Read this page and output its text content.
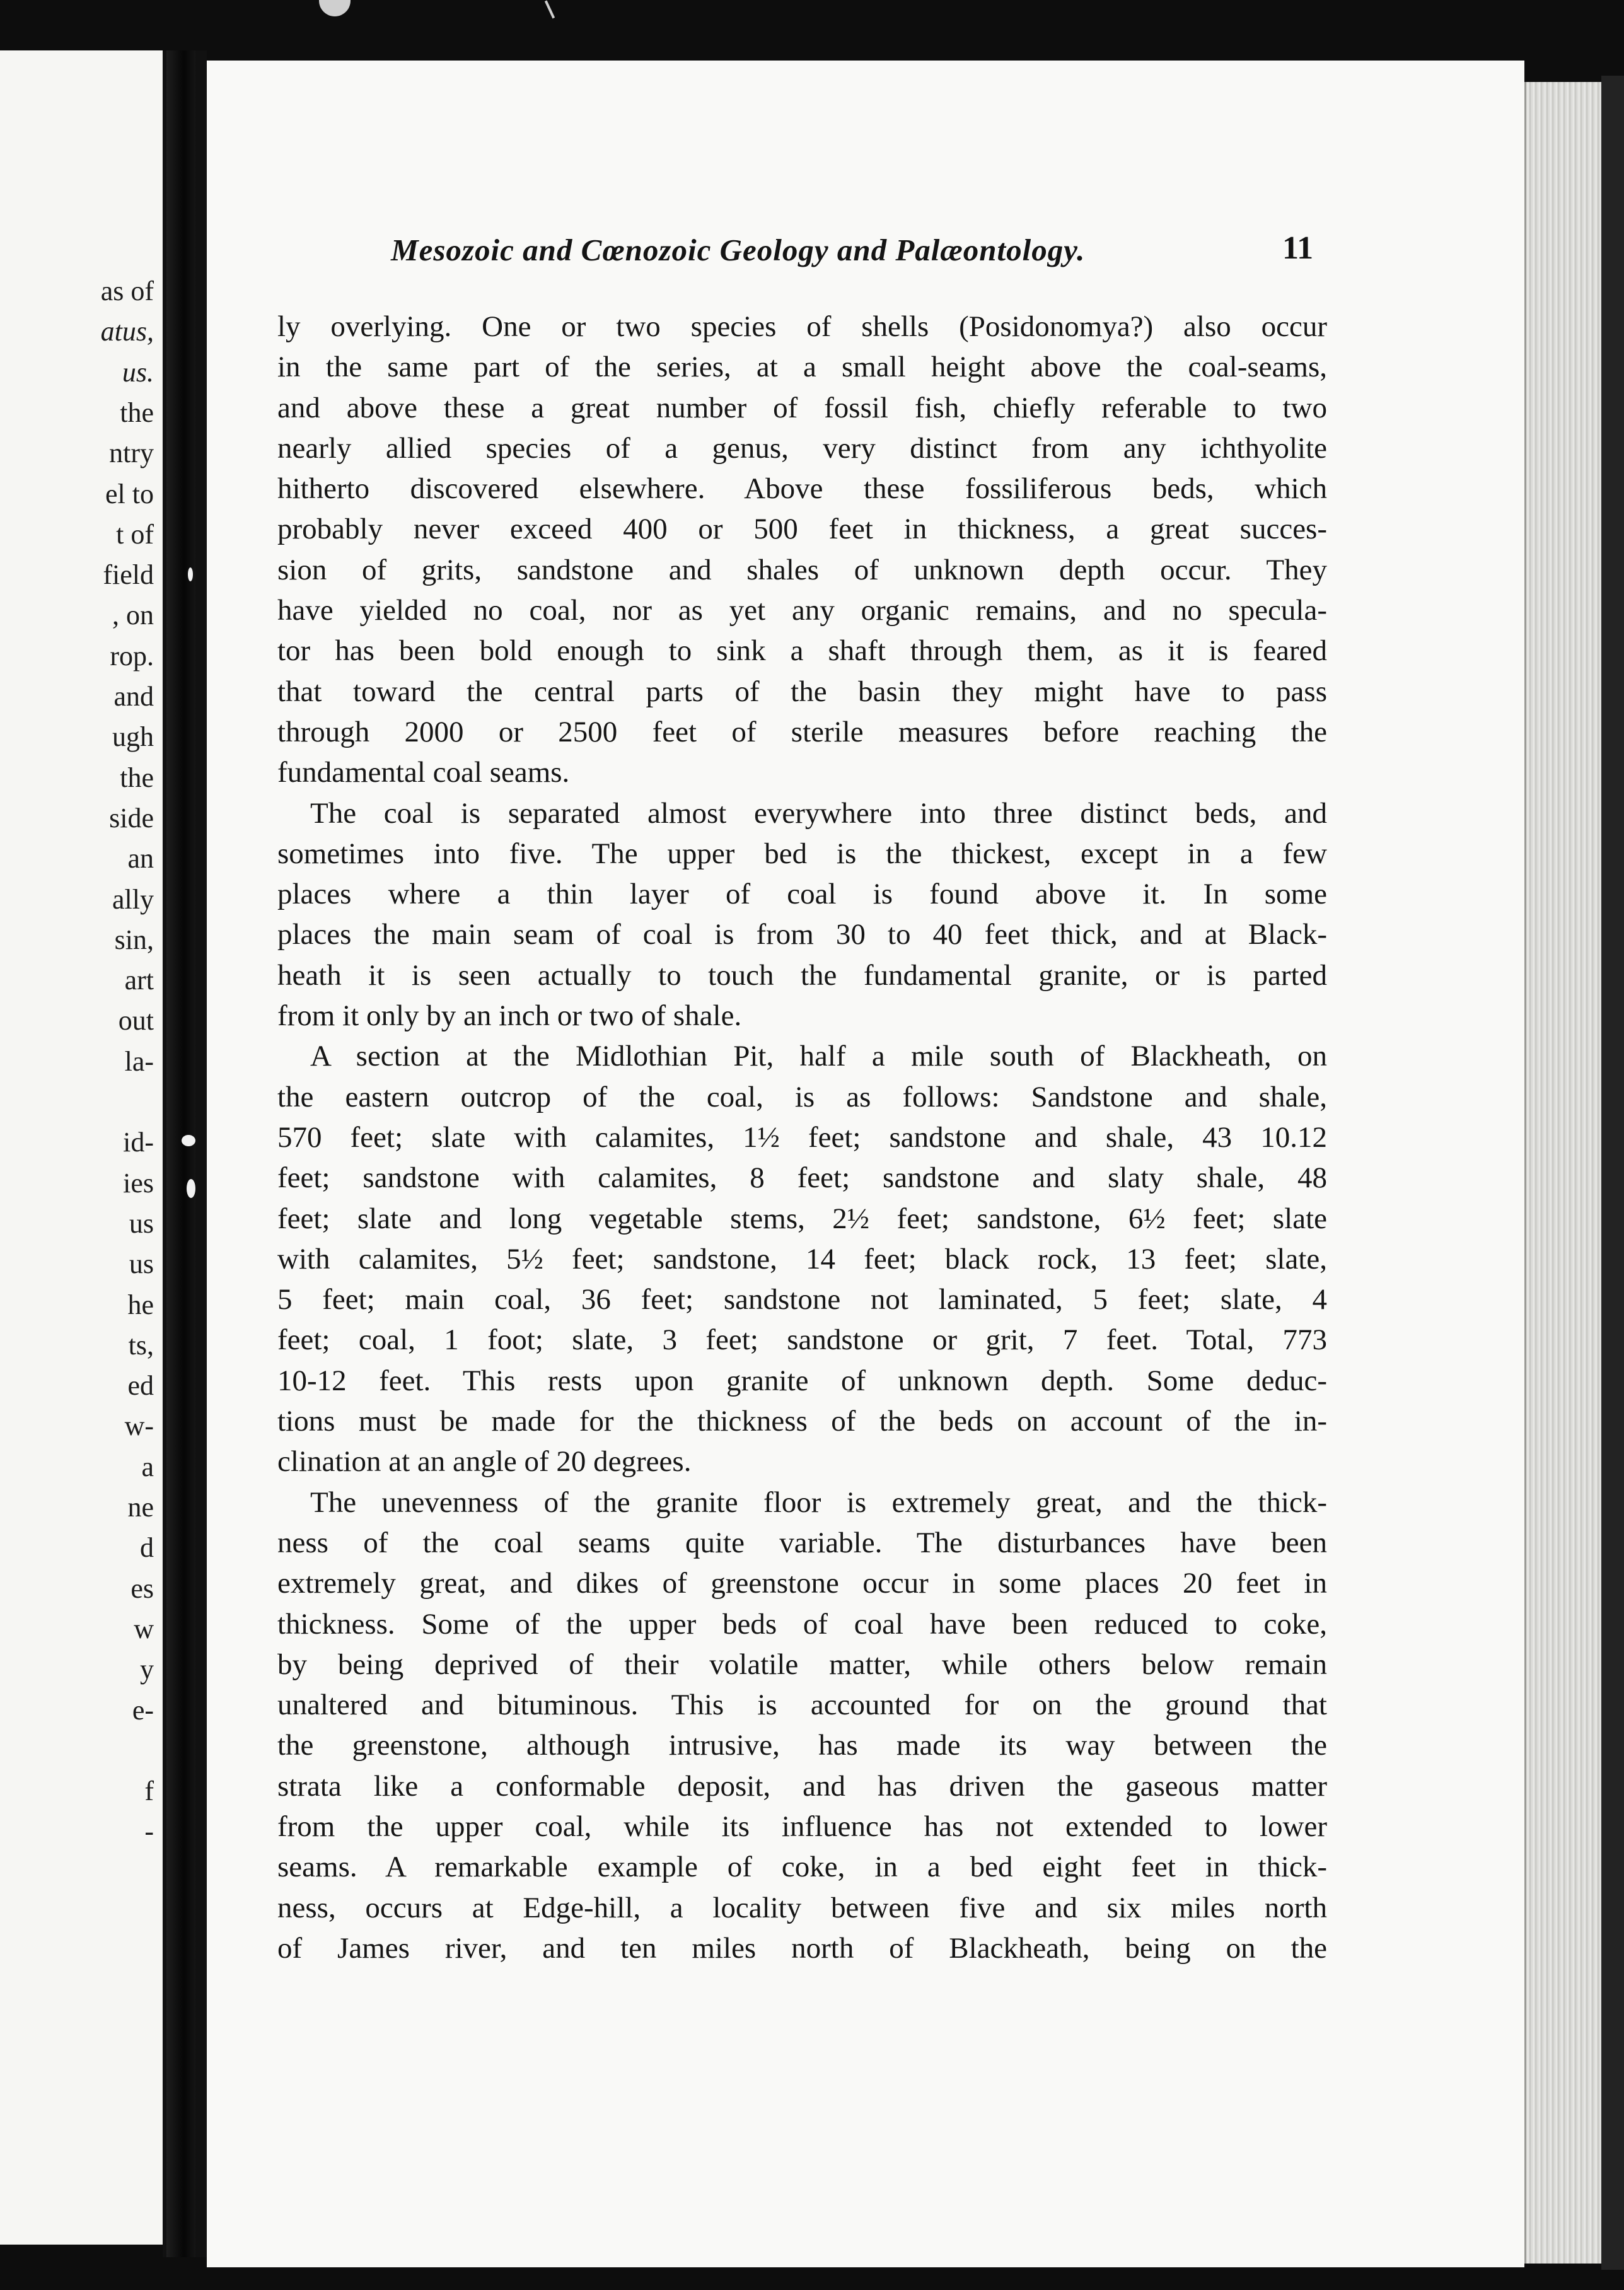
as of

atus,

us.

the

ntry

el to

t of

field

, on

rop.

and

ugh

the

side

an

ally

sin,

art

out

la-

id-

ies

us

us

he

ts,

ed

w-

a

ne

d

es

w

y

e-

f

-

Mesozoic and Cœnozoic Geology and Palæontology.	11
ly overlying. One or two species of shells (Posidonomya?) also occur
in the same part of the series, at a small height above the coal-seams,
and above these a great number of fossil fish, chiefly referable to two
nearly allied species of a genus, very distinct from any ichthyolite
hitherto discovered elsewhere. Above these fossiliferous beds, which
probably never exceed 400 or 500 feet in thickness, a great succes-
sion of grits, sandstone and shales of unknown depth occur. They
have yielded no coal, nor as yet any organic remains, and no specula-
tor has been bold enough to sink a shaft through them, as it is feared
that toward the central parts of the basin they might have to pass
through 2000 or 2500 feet of sterile measures before reaching the
fundamental coal seams.
The coal is separated almost everywhere into three distinct beds, and
sometimes into five. The upper bed is the thickest, except in a few
places where a thin layer of coal is found above it. In some
places the main seam of coal is from 30 to 40 feet thick, and at Black-
heath it is seen actually to touch the fundamental granite, or is parted
from it only by an inch or two of shale.
A section at the Midlothian Pit, half a mile south of Blackheath, on
the eastern outcrop of the coal, is as follows: Sandstone and shale,
570 feet; slate with calamites, 1½ feet; sandstone and shale, 43 10.12
feet; sandstone with calamites, 8 feet; sandstone and slaty shale, 48
feet; slate and long vegetable stems, 2½ feet; sandstone, 6½ feet; slate
with calamites, 5½ feet; sandstone, 14 feet; black rock, 13 feet; slate,
5 feet; main coal, 36 feet; sandstone not laminated, 5 feet; slate, 4
feet; coal, 1 foot; slate, 3 feet; sandstone or grit, 7 feet. Total, 773
10-12 feet. This rests upon granite of unknown depth. Some deduc-
tions must be made for the thickness of the beds on account of the in-
clination at an angle of 20 degrees.
The unevenness of the granite floor is extremely great, and the thick-
ness of the coal seams quite variable. The disturbances have been
extremely great, and dikes of greenstone occur in some places 20 feet in
thickness. Some of the upper beds of coal have been reduced to coke,
by being deprived of their volatile matter, while others below remain
unaltered and bituminous. This is accounted for on the ground that
the greenstone, although intrusive, has made its way between the
strata like a conformable deposit, and has driven the gaseous matter
from the upper coal, while its influence has not extended to lower
seams. A remarkable example of coke, in a bed eight feet in thick-
ness, occurs at Edge-hill, a locality between five and six miles north
of James river, and ten miles north of Blackheath, being on the
